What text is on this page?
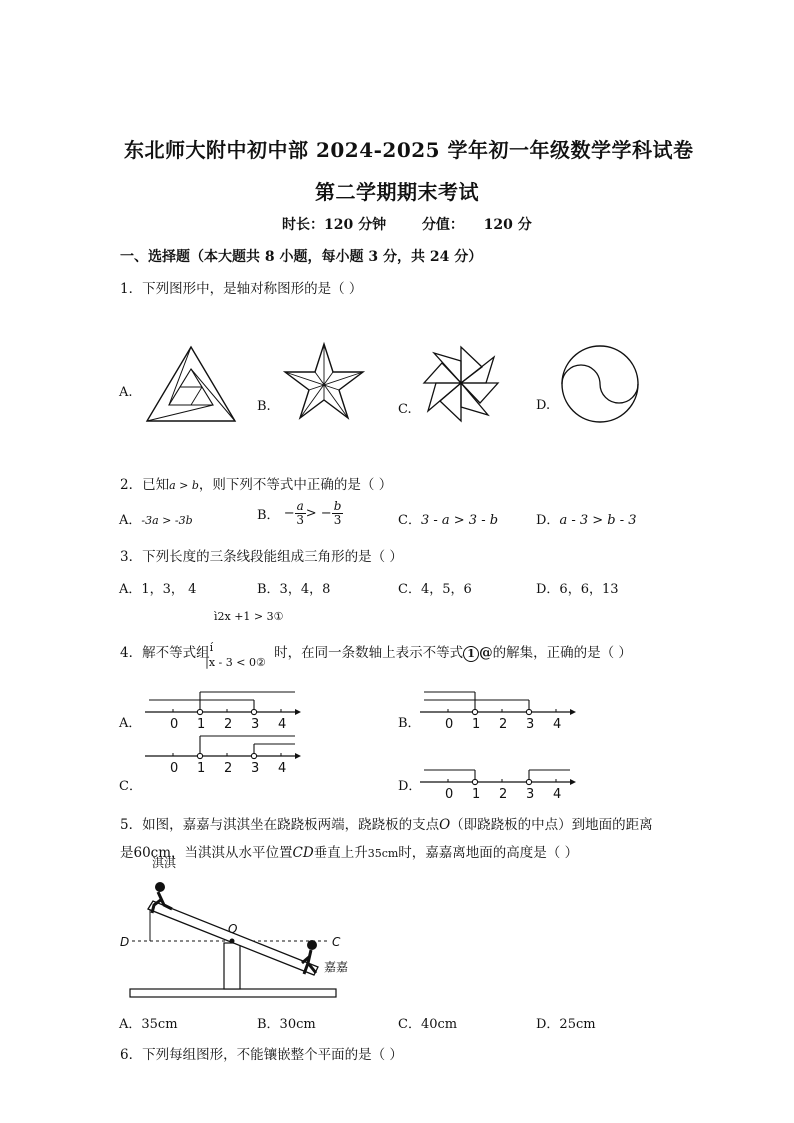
东北师大附中初中部 2024-2025 学年初一年级数学学科试卷
第二学期期末考试
时长：120 分钟	分值： 120 分
一、选择题（本大题共 8 小题，每小题 3 分，共 24 分）
1．下列图形中，是轴对称图形的是（ ）
A.
B.	C.	D.
2．已知a > b，则下列不等式中正确的是（ ）
A．-3a > -3b	B． − $\frac{a}{3}$ > − $\frac{b}{3}$	C．3 - a > 3 - b	D．a - 3 > b - 3
3．下列长度的三条线段能组成三角形的是（ ）
A．1，3， 4	B．3，4，8	C．4，5，6	D．6，6，13
ì2x +1 > 3①
4．解不等式组$^í_{|x - 3 < 0②}$ 时，在同一条数轴上表示不等式 1 @的解集，正确的是（ ）
A．	B．
C．	D．
0 1 2 3 4	0 1 2 3 4
0 1 2 3 4
0 1 2 3 4
5．如图，嘉嘉与淇淇坐在跷跷板两端，跷跷板的支点O（即跷跷板的中点）到地面的距离
是60cm，当淇淇从水平位置CD垂直上升35cm时，嘉嘉离地面的高度是（ ）
淇淇
O
D	C
嘉嘉
A．35cm	B．30cm	C．40cm	D．25cm
6．下列每组图形，不能镶嵌整个平面的是（ ）
